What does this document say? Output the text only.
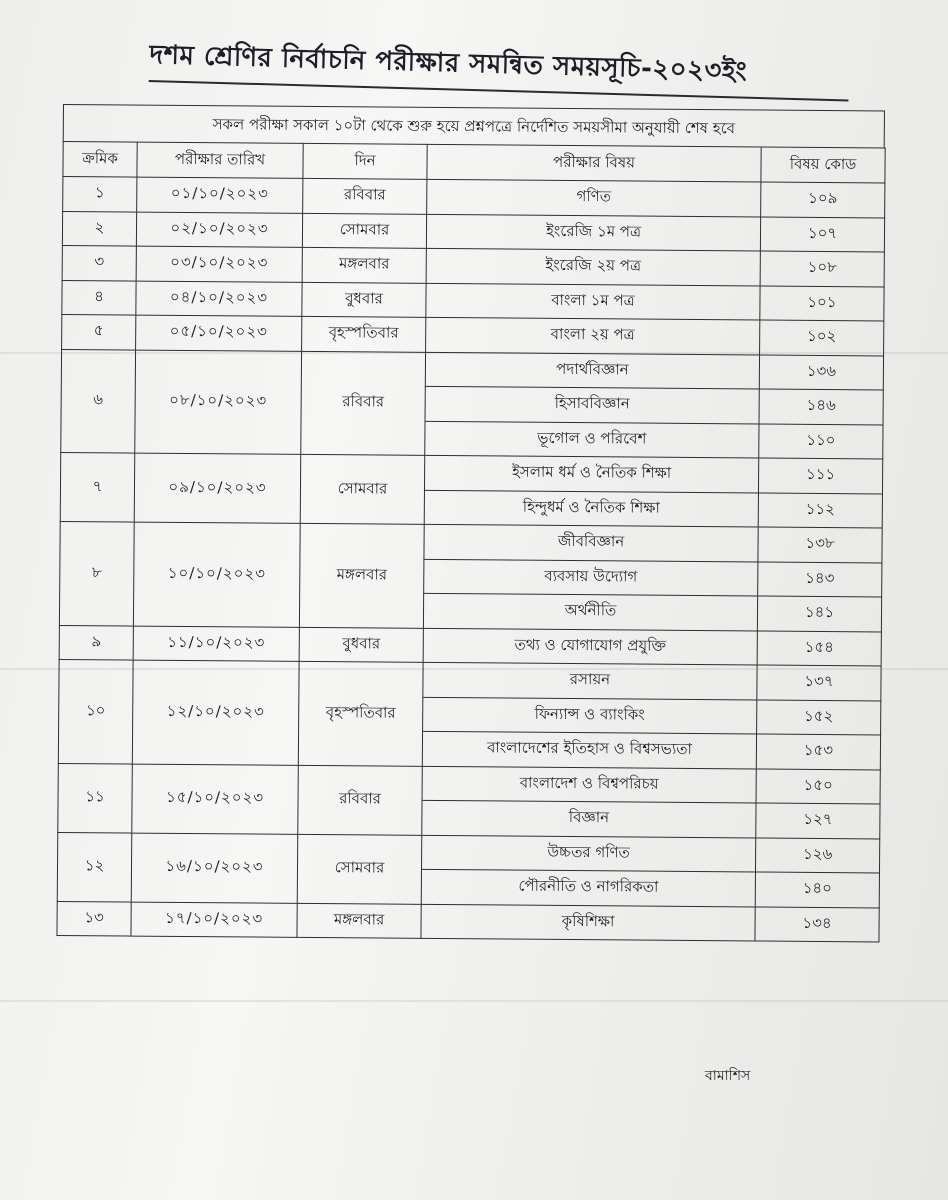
দশম শ্রেণির নির্বাচনি পরীক্ষার সমন্বিত সময়সূচি-২০২৩ইং
সকল পরীক্ষা সকাল ১০টা থেকে শুরু হয়ে প্রশ্নপত্রে নির্দেশিত সময়সীমা অনুযায়ী শেষ হবে
ক্রমিক	পরীক্ষার তারিখ	দিন	পরীক্ষার বিষয়	বিষয় কোড
১	০১/১০/২০২৩	রবিবার	গণিত	১০৯
২	০২/১০/২০২৩	সোমবার	ইংরেজি ১ম পত্র	১০৭
৩	০৩/১০/২০২৩	মঙ্গলবার	ইংরেজি ২য় পত্র	১০৮
৪	০৪/১০/২০২৩	বুধবার	বাংলা ১ম পত্র	১০১
৫	০৫/১০/২০২৩	বৃহস্পতিবার	বাংলা ২য় পত্র	১০২
৬	০৮/১০/২০২৩	রবিবার	পদার্থবিজ্ঞান	১৩৬
			হিসাববিজ্ঞান	১৪৬
			ভূগোল ও পরিবেশ	১১০
৭	০৯/১০/২০২৩	সোমবার	ইসলাম ধর্ম ও নৈতিক শিক্ষা	১১১
			হিন্দুধর্ম ও নৈতিক শিক্ষা	১১২
৮	১০/১০/২০২৩	মঙ্গলবার	জীববিজ্ঞান	১৩৮
			ব্যবসায় উদ্যোগ	১৪৩
			অর্থনীতি	১৪১
৯	১১/১০/২০২৩	বুধবার	তথ্য ও যোগাযোগ প্রযুক্তি	১৫৪
১০	১২/১০/২০২৩	বৃহস্পতিবার	রসায়ন	১৩৭
			ফিন্যান্স ও ব্যাংকিং	১৫২
			বাংলাদেশের ইতিহাস ও বিশ্বসভ্যতা	১৫৩
১১	১৫/১০/২০২৩	রবিবার	বাংলাদেশ ও বিশ্বপরিচয়	১৫০
			বিজ্ঞান	১২৭
১২	১৬/১০/২০২৩	সোমবার	উচ্চতর গণিত	১২৬
			পৌরনীতি ও নাগরিকতা	১৪০
১৩	১৭/১০/২০২৩	মঙ্গলবার	কৃষিশিক্ষা	১৩৪
বামাশিস
